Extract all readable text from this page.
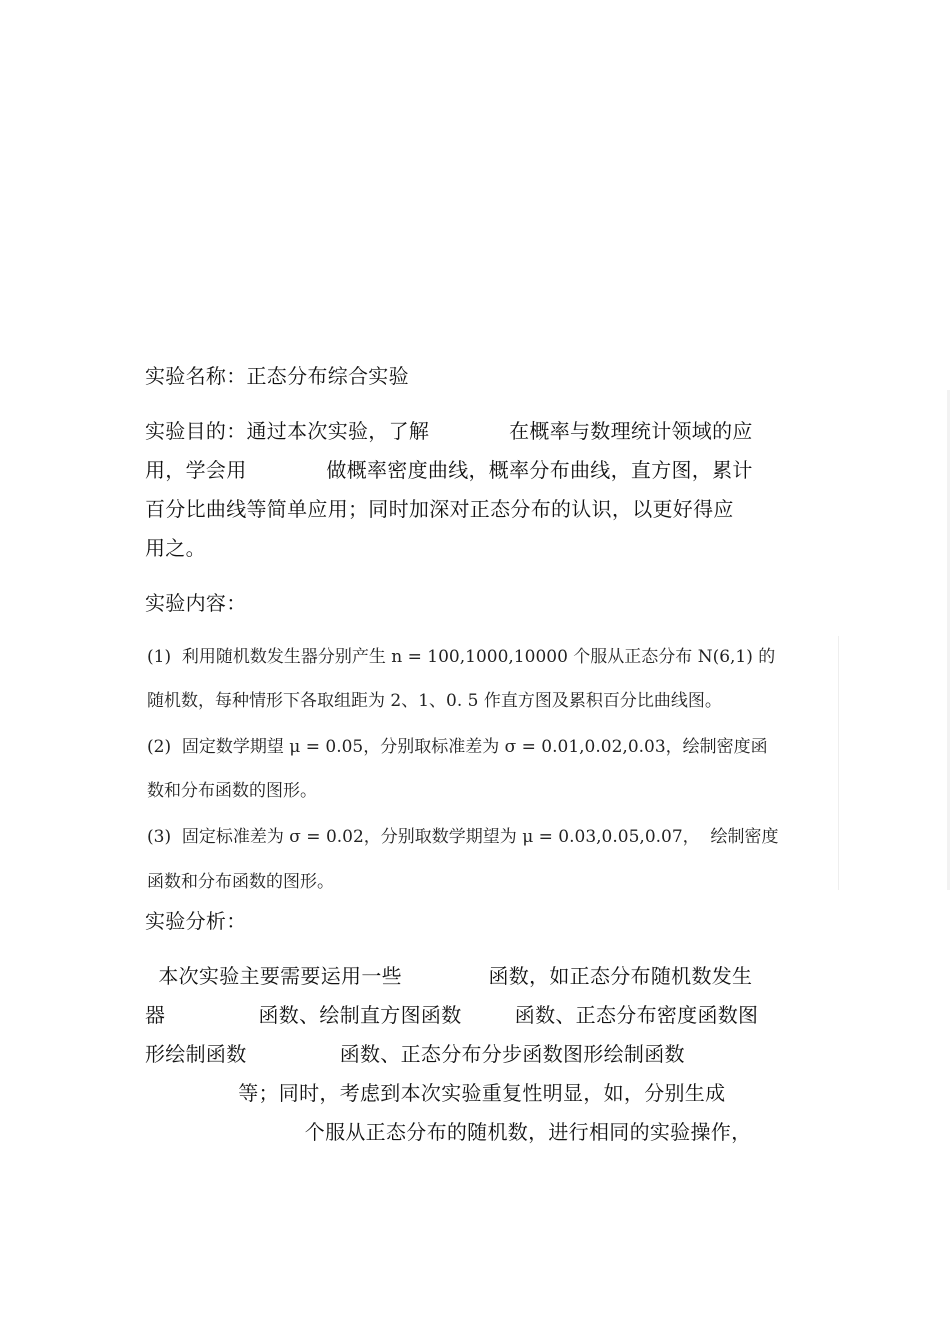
实验名称：正态分布综合实验
实验目的：通过本次实验，了解            在概率与数理统计领域的应
用，学会用            做概率密度曲线，概率分布曲线，直方图，累计
百分比曲线等简单应用；同时加深对正态分布的认识，以更好得应
用之。
实验内容：
(1)  利用随机数发生器分别产生 n = 100,1000,10000 个服从正态分布 N(6,1) 的
随机数，每种情形下各取组距为 2、1、0. 5 作直方图及累积百分比曲线图。
(2)  固定数学期望 μ = 0.05，分别取标准差为 σ = 0.01,0.02,0.03，绘制密度函
数和分布函数的图形。
(3)  固定标准差为 σ = 0.02，分别取数学期望为 μ = 0.03,0.05,0.07，  绘制密度
函数和分布函数的图形。
实验分析：
本次实验主要需要运用一些             函数，如正态分布随机数发生
器              函数、绘制直方图函数        函数、正态分布密度函数图
形绘制函数              函数、正态分布分步函数图形绘制函数
等；同时，考虑到本次实验重复性明显，如，分别生成
个服从正态分布的随机数，进行相同的实验操作，
